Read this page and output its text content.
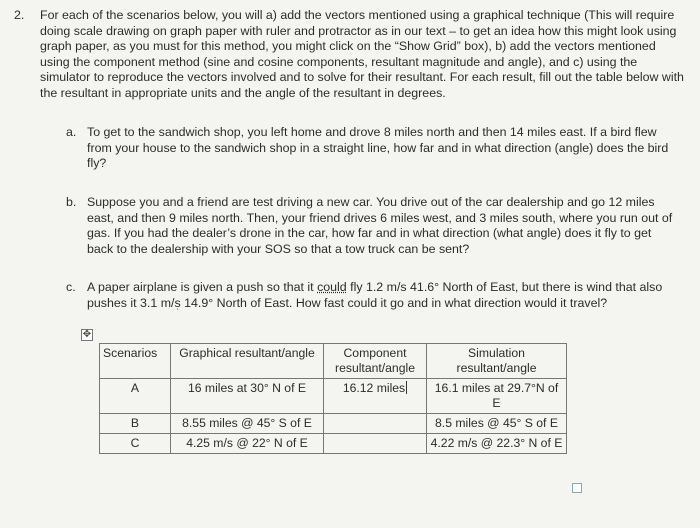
2. For each of the scenarios below, you will a) add the vectors mentioned using a graphical technique (This will require doing scale drawing on graph paper with ruler and protractor as in our text – to get an idea how this might look using graph paper, as you must for this method, you might click on the “Show Grid” box), b) add the vectors mentioned using the component method (sine and cosine components, resultant magnitude and angle), and c) using the simulator to reproduce the vectors involved and to solve for their resultant. For each result, fill out the table below with the resultant in appropriate units and the angle of the resultant in degrees.
a. To get to the sandwich shop, you left home and drove 8 miles north and then 14 miles east. If a bird flew from your house to the sandwich shop in a straight line, how far and in what direction (angle) does the bird fly?
b. Suppose you and a friend are test driving a new car. You drive out of the car dealership and go 12 miles east, and then 9 miles north. Then, your friend drives 6 miles west, and 3 miles south, where you run out of gas. If you had the dealer’s drone in the car, how far and in what direction (what angle) does it fly to get back to the dealership with your SOS so that a tow truck can be sent?
c. A paper airplane is given a push so that it could fly 1.2 m/s 41.6° North of East, but there is wind that also pushes it 3.1 m/s 14.9° North of East. How fast could it go and in what direction would it travel?
ˈ
✥
Scenarios	Graphical resultant/angle	Component resultant/angle	Simulation resultant/angle
A	16 miles at 30° N of E	16.12 miles	16.1 miles at 29.7°N of E
B	8.55 miles @ 45° S of E		8.5 miles @ 45° S of E
C	4.25 m/s @ 22° N of E		4.22 m/s @ 22.3° N of E
